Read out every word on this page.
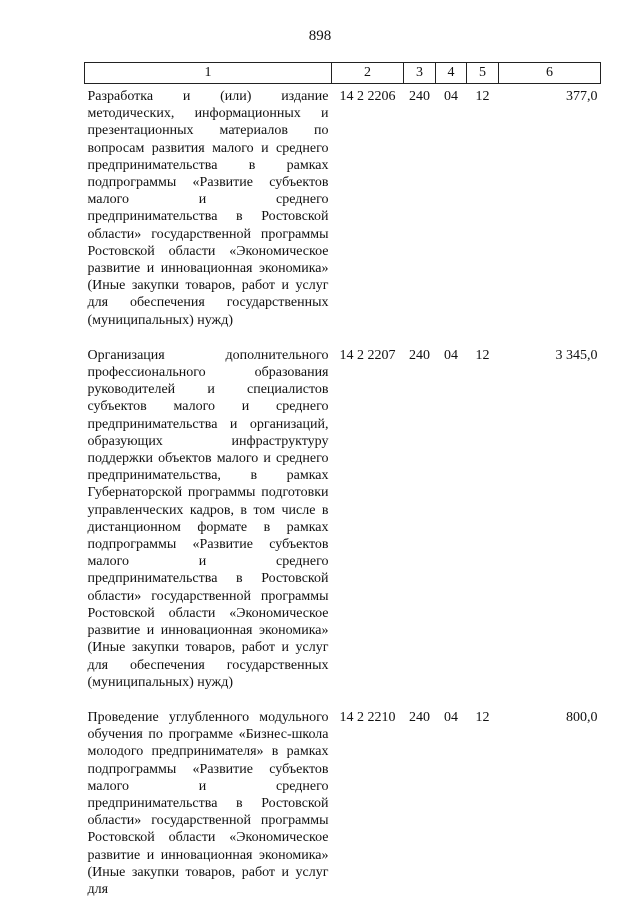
898
1	2	3	4	5	6
Разработка и (или) издание методических, информационных и презентационных материалов по вопросам развития малого и среднего предпринимательства в рамках подпрограммы «Развитие субъектов малого и среднего предпринимательства в Ростовской области» государственной программы Ростовской области «Экономическое развитие и инновационная экономика» (Иные закупки товаров, работ и услуг для обеспечения государственных (муниципальных) нужд)	14 2 2206	240	04	12	377,0
Организация дополнительного профессионального образования руководителей и специалистов субъектов малого и среднего предпринимательства и организаций, образующих инфраструктуру поддержки объектов малого и среднего предпринимательства, в рамках Губернаторской программы подготовки управленческих кадров, в том числе в дистанционном формате в рамках подпрограммы «Развитие субъектов малого и среднего предпринимательства в Ростовской области» государственной программы Ростовской области «Экономическое развитие и инновационная экономика» (Иные закупки товаров, работ и услуг для обеспечения государственных (муниципальных) нужд)	14 2 2207	240	04	12	3 345,0
Проведение углубленного модульного обучения по программе «Бизнес-школа молодого предпринимателя» в рамках подпрограммы «Развитие субъектов малого и среднего предпринимательства в Ростовской области» государственной программы Ростовской области «Экономическое развитие и инновационная экономика» (Иные закупки товаров, работ и услуг для	14 2 2210	240	04	12	800,0
